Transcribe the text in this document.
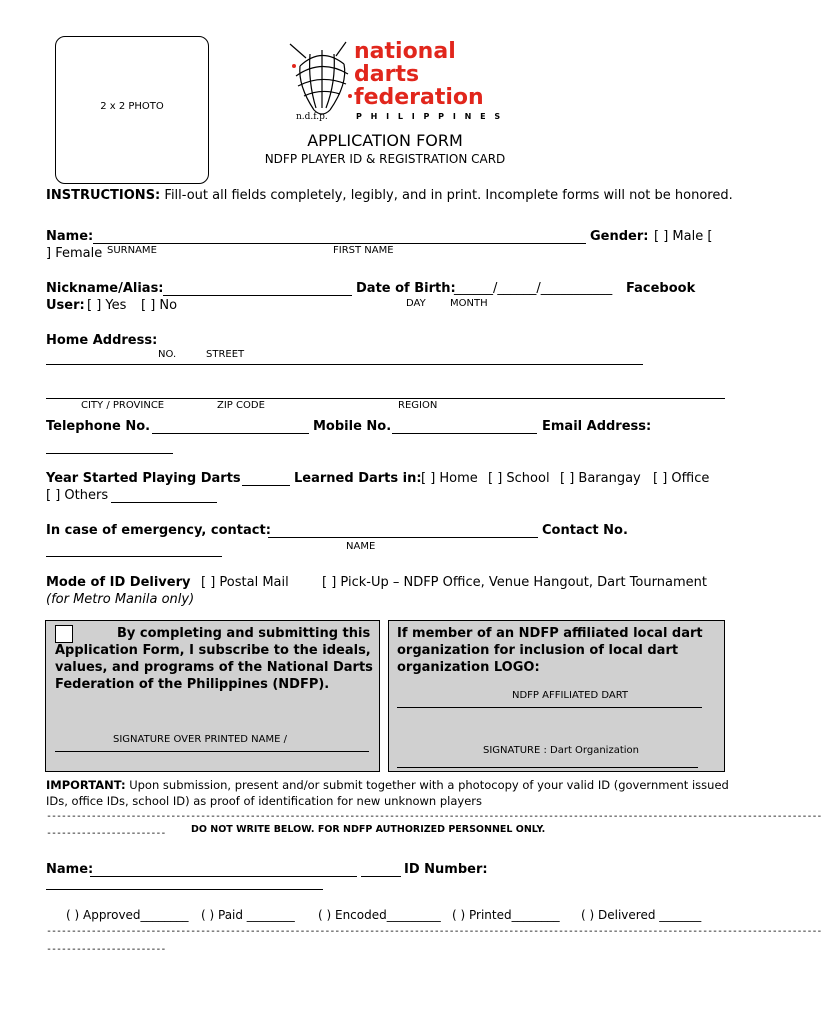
2 x 2 PHOTO
national
darts
federation
n.d.f.p.	P H I L I P P I N E S
APPLICATION FORM
NDFP PLAYER ID & REGISTRATION CARD
INSTRUCTIONS: Fill-out all fields completely, legibly, and in print. Incomplete forms will not be honored.
Name:	Gender: [ ] Male [
] Female SURNAME	FIRST NAME
Nickname/Alias:	Date of Birth:
______/______/___________ Facebook
User: [ ] Yes [ ] No	DAY MONTH
Home Address:
NO.	STREET
CITY / PROVINCE	ZIP CODE	REGION
Telephone No.	Mobile No.	Email Address:
Year Started Playing Darts	Learned Darts in: [ ] Home [ ] School [ ] Barangay [ ] Office
[ ] Others
In case of emergency, contact:	Contact No.
NAME
Mode of ID Delivery [ ] Postal Mail	[ ] Pick-Up – NDFP Office, Venue Hangout, Dart Tournament
(for Metro Manila only)
By completing and submitting this
Application Form, I subscribe to the ideals,
values, and programs of the National Darts
Federation of the Philippines (NDFP).
SIGNATURE OVER PRINTED NAME /
If member of an NDFP affiliated local dart
organization for inclusion of local dart
organization LOGO:
NDFP AFFILIATED DART
SIGNATURE : Dart Organization
IMPORTANT: Upon submission, present and/or submit together with a photocopy of your valid ID (government issued
IDs, office IDs, school ID) as proof of identification for new unknown players
------------------------------------------------------------------------------------------------------------------------------------------------------------
------------------------	DO NOT WRITE BELOW. FOR NDFP AUTHORIZED PERSONNEL ONLY.
Name:	ID Number:
( ) Approved________ ( ) Paid ________ ( ) Encoded_________ ( ) Printed________ ( ) Delivered _______
------------------------------------------------------------------------------------------------------------------------------------------------------------
------------------------
